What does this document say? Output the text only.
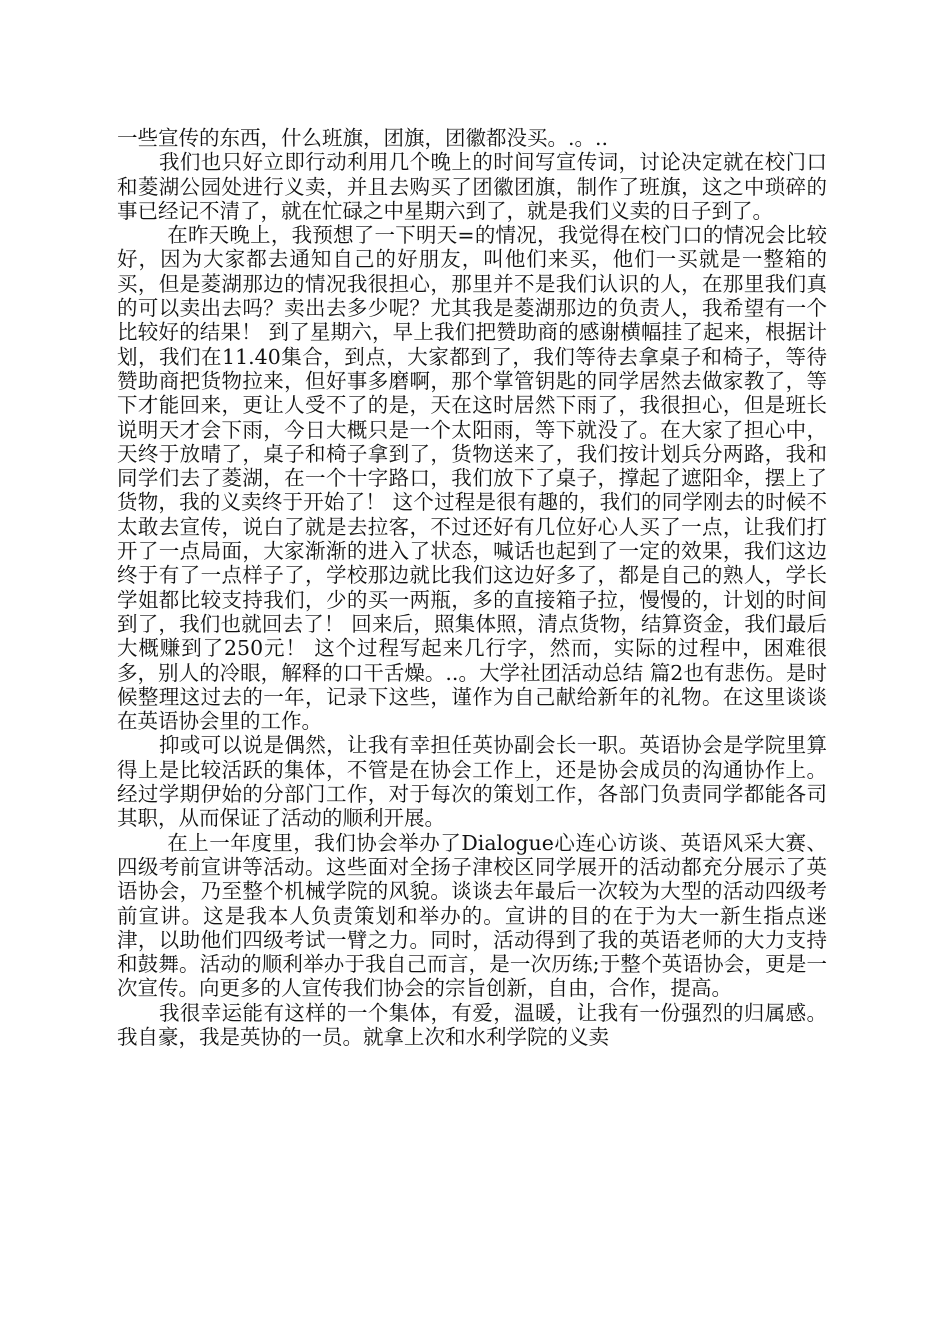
一些宣传的东西，什么班旗，团旗，团徽都没买。.。..

我们也只好立即行动利用几个晚上的时间写宣传词，讨论决定就在校门口和菱湖公园处进行义卖，并且去购买了团徽团旗，制作了班旗，这之中琐碎的事已经记不清了，就在忙碌之中星期六到了，就是我们义卖的日子到了。

在昨天晚上，我预想了一下明天=的情况，我觉得在校门口的情况会比较好，因为大家都去通知自己的好朋友，叫他们来买，他们一买就是一整箱的买，但是菱湖那边的情况我很担心，那里并不是我们认识的人，在那里我们真的可以卖出去吗？卖出去多少呢？尤其我是菱湖那边的负责人，我希望有一个比较好的结果！ 到了星期六，早上我们把赞助商的感谢横幅挂了起来，根据计划，我们在11.40集合，到点，大家都到了，我们等待去拿桌子和椅子，等待赞助商把货物拉来，但好事多磨啊，那个掌管钥匙的同学居然去做家教了，等下才能回来，更让人受不了的是，天在这时居然下雨了，我很担心，但是班长说明天才会下雨，今日大概只是一个太阳雨，等下就没了。在大家了担心中，天终于放晴了，桌子和椅子拿到了，货物送来了，我们按计划兵分两路，我和同学们去了菱湖，在一个十字路口，我们放下了桌子，撑起了遮阳伞，摆上了货物，我的义卖终于开始了！ 这个过程是很有趣的，我们的同学刚去的时候不太敢去宣传，说白了就是去拉客，不过还好有几位好心人买了一点，让我们打开了一点局面，大家渐渐的进入了状态，喊话也起到了一定的效果，我们这边终于有了一点样子了，学校那边就比我们这边好多了，都是自己的熟人，学长学姐都比较支持我们，少的买一两瓶，多的直接箱子拉，慢慢的，计划的时间到了，我们也就回去了！ 回来后，照集体照，清点货物，结算资金，我们最后大概赚到了250元！ 这个过程写起来几行字，然而，实际的过程中，困难很多，别人的冷眼，解释的口干舌燥。..。大学社团活动总结 篇2也有悲伤。是时候整理这过去的一年，记录下这些，谨作为自己献给新年的礼物。在这里谈谈在英语协会里的工作。

抑或可以说是偶然，让我有幸担任英协副会长一职。英语协会是学院里算得上是比较活跃的集体，不管是在协会工作上，还是协会成员的沟通协作上。经过学期伊始的分部门工作，对于每次的策划工作，各部门负责同学都能各司其职，从而保证了活动的顺利开展。

在上一年度里，我们协会举办了Dialogue心连心访谈、英语风采大赛、四级考前宣讲等活动。这些面对全扬子津校区同学展开的活动都充分展示了英语协会，乃至整个机械学院的风貌。谈谈去年最后一次较为大型的活动四级考前宣讲。这是我本人负责策划和举办的。宣讲的目的在于为大一新生指点迷津，以助他们四级考试一臂之力。同时，活动得到了我的英语老师的大力支持和鼓舞。活动的顺利举办于我自己而言，是一次历练;于整个英语协会，更是一次宣传。向更多的人宣传我们协会的宗旨创新，自由，合作，提高。

我很幸运能有这样的一个集体，有爱，温暖，让我有一份强烈的归属感。我自豪，我是英协的一员。就拿上次和水利学院的义卖
